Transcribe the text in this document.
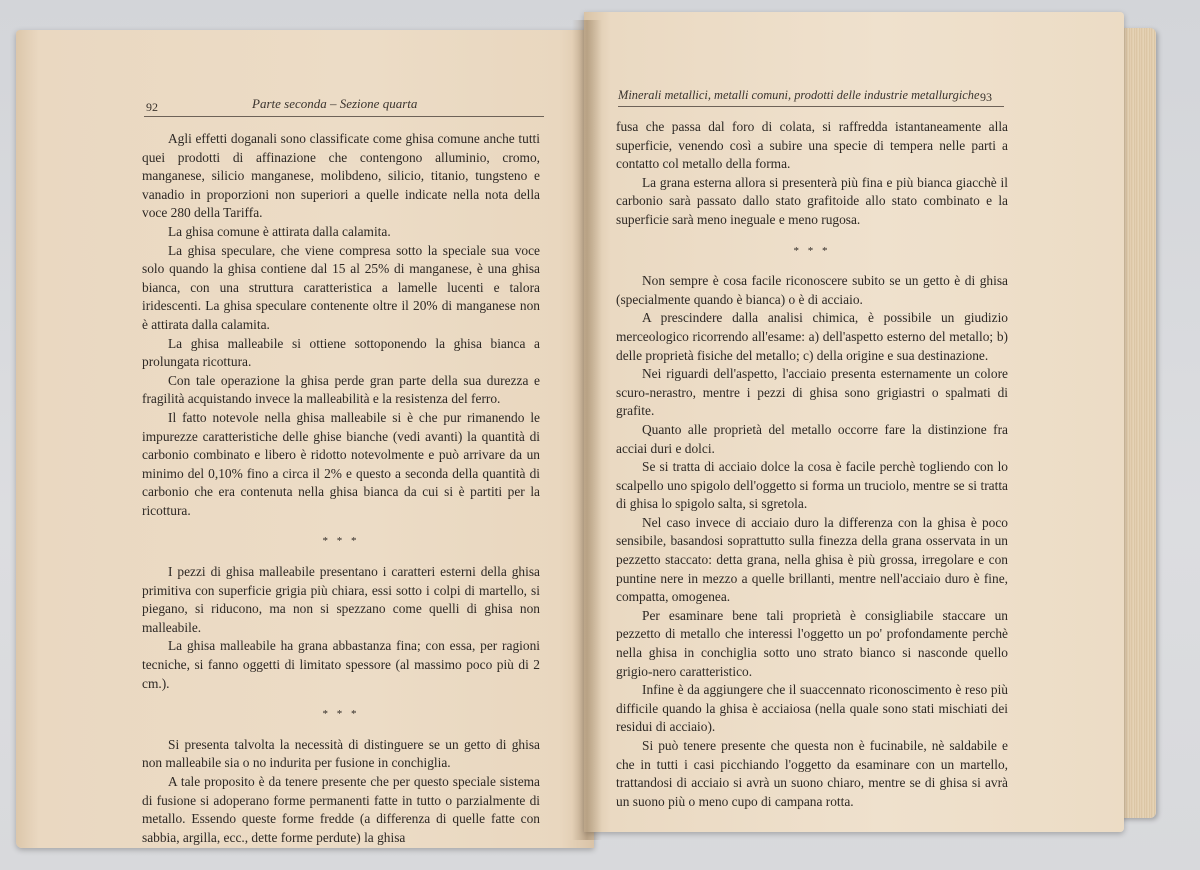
92	Parte seconda – Sezione quarta

Agli effetti doganali sono classificate come ghisa comune anche tutti quei prodotti di affinazione che contengono alluminio, cromo, manganese, silicio manganese, molibdeno, silicio, titanio, tungsteno e vanadio in proporzioni non superiori a quelle indicate nella nota della voce 280 della Tariffa.

La ghisa comune è attirata dalla calamita.

La ghisa speculare, che viene compresa sotto la speciale sua voce solo quando la ghisa contiene dal 15 al 25% di manganese, è una ghisa bianca, con una struttura caratteristica a lamelle lucenti e talora iridescenti. La ghisa speculare contenente oltre il 20% di manganese non è attirata dalla calamita.

La ghisa malleabile si ottiene sottoponendo la ghisa bianca a prolungata ricottura.

Con tale operazione la ghisa perde gran parte della sua durezza e fragilità acquistando invece la malleabilità e la resistenza del ferro.

Il fatto notevole nella ghisa malleabile si è che pur rimanendo le impurezze caratteristiche delle ghise bianche (vedi avanti) la quantità di carbonio combinato e libero è ridotto notevolmente e può arrivare da un minimo del 0,10% fino a circa il 2% e questo a seconda della quantità di carbonio che era contenuta nella ghisa bianca da cui si è partiti per la ricottura.

* * *

I pezzi di ghisa malleabile presentano i caratteri esterni della ghisa primitiva con superficie grigia più chiara, essi sotto i colpi di martello, si piegano, si riducono, ma non si spezzano come quelli di ghisa non malleabile.

La ghisa malleabile ha grana abbastanza fina; con essa, per ragioni tecniche, si fanno oggetti di limitato spessore (al massimo poco più di 2 cm.).

* * *

Si presenta talvolta la necessità di distinguere se un getto di ghisa non malleabile sia o no indurita per fusione in conchiglia.

A tale proposito è da tenere presente che per questo speciale sistema di fusione si adoperano forme permanenti fatte in tutto o parzialmente di metallo. Essendo queste forme fredde (a differenza di quelle fatte con sabbia, argilla, ecc., dette forme perdute) la ghisa

Minerali metallici, metalli comuni, prodotti delle industrie metallurgiche 93

fusa che passa dal foro di colata, si raffredda istantaneamente alla superficie, venendo così a subire una specie di tempera nelle parti a contatto col metallo della forma.

La grana esterna allora si presenterà più fina e più bianca giacchè il carbonio sarà passato dallo stato grafitoide allo stato combinato e la superficie sarà meno ineguale e meno rugosa.

* * *

Non sempre è cosa facile riconoscere subito se un getto è di ghisa (specialmente quando è bianca) o è di acciaio.

A prescindere dalla analisi chimica, è possibile un giudizio merceologico ricorrendo all'esame: a) dell'aspetto esterno del metallo; b) delle proprietà fisiche del metallo; c) della origine e sua destinazione.

Nei riguardi dell'aspetto, l'acciaio presenta esternamente un colore scuro-nerastro, mentre i pezzi di ghisa sono grigiastri o spalmati di grafite.

Quanto alle proprietà del metallo occorre fare la distinzione fra acciai duri e dolci.

Se si tratta di acciaio dolce la cosa è facile perchè togliendo con lo scalpello uno spigolo dell'oggetto si forma un truciolo, mentre se si tratta di ghisa lo spigolo salta, si sgretola.

Nel caso invece di acciaio duro la differenza con la ghisa è poco sensibile, basandosi soprattutto sulla finezza della grana osservata in un pezzetto staccato: detta grana, nella ghisa è più grossa, irregolare e con puntine nere in mezzo a quelle brillanti, mentre nell'acciaio duro è fine, compatta, omogenea.

Per esaminare bene tali proprietà è consigliabile staccare un pezzetto di metallo che interessi l'oggetto un po' profondamente perchè nella ghisa in conchiglia sotto uno strato bianco si nasconde quello grigio-nero caratteristico.

Infine è da aggiungere che il suaccennato riconoscimento è reso più difficile quando la ghisa è acciaiosa (nella quale sono stati mischiati dei residui di acciaio).

Si può tenere presente che questa non è fucinabile, nè saldabile e che in tutti i casi picchiando l'oggetto da esaminare con un martello, trattandosi di acciaio si avrà un suono chiaro, mentre se di ghisa si avrà un suono più o meno cupo di campana rotta.
